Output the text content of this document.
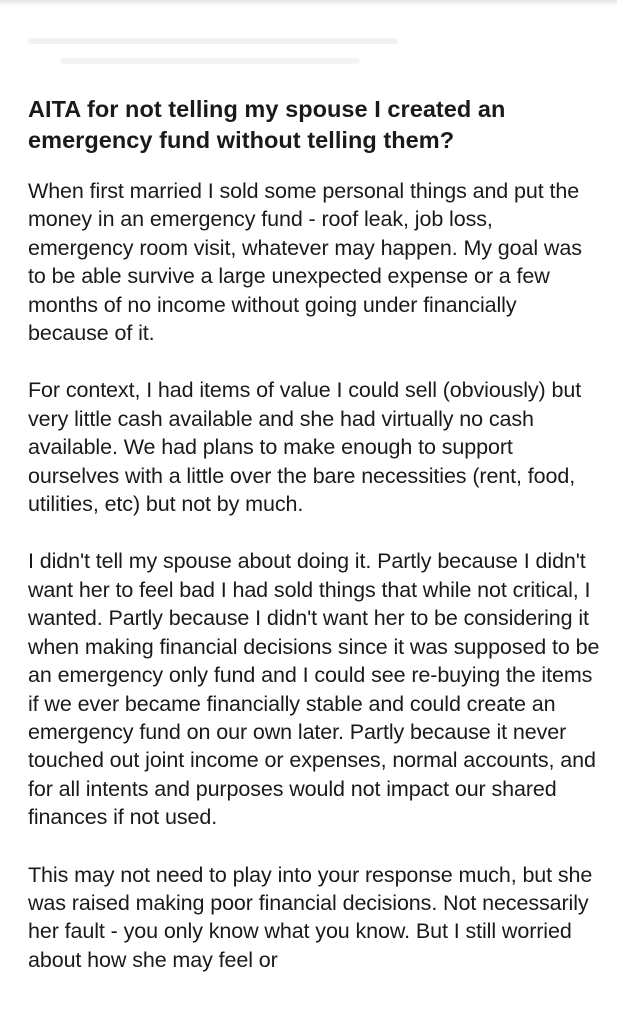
AITA for not telling my spouse I created an emergency fund without telling them?

When first married I sold some personal things and put the money in an emergency fund - roof leak, job loss, emergency room visit, whatever may happen. My goal was to be able survive a large unexpected expense or a few months of no income without going under financially because of it.

For context, I had items of value I could sell (obviously) but very little cash available and she had virtually no cash available. We had plans to make enough to support ourselves with a little over the bare necessities (rent, food, utilities, etc) but not by much.

I didn't tell my spouse about doing it. Partly because I didn't want her to feel bad I had sold things that while not critical, I wanted. Partly because I didn't want her to be considering it when making financial decisions since it was supposed to be an emergency only fund and I could see re-buying the items if we ever became financially stable and could create an emergency fund on our own later. Partly because it never touched out joint income or expenses, normal accounts, and for all intents and purposes would not impact our shared finances if not used.

This may not need to play into your response much, but she was raised making poor financial decisions. Not necessarily her fault - you only know what you know. But I still worried about how she may feel or
